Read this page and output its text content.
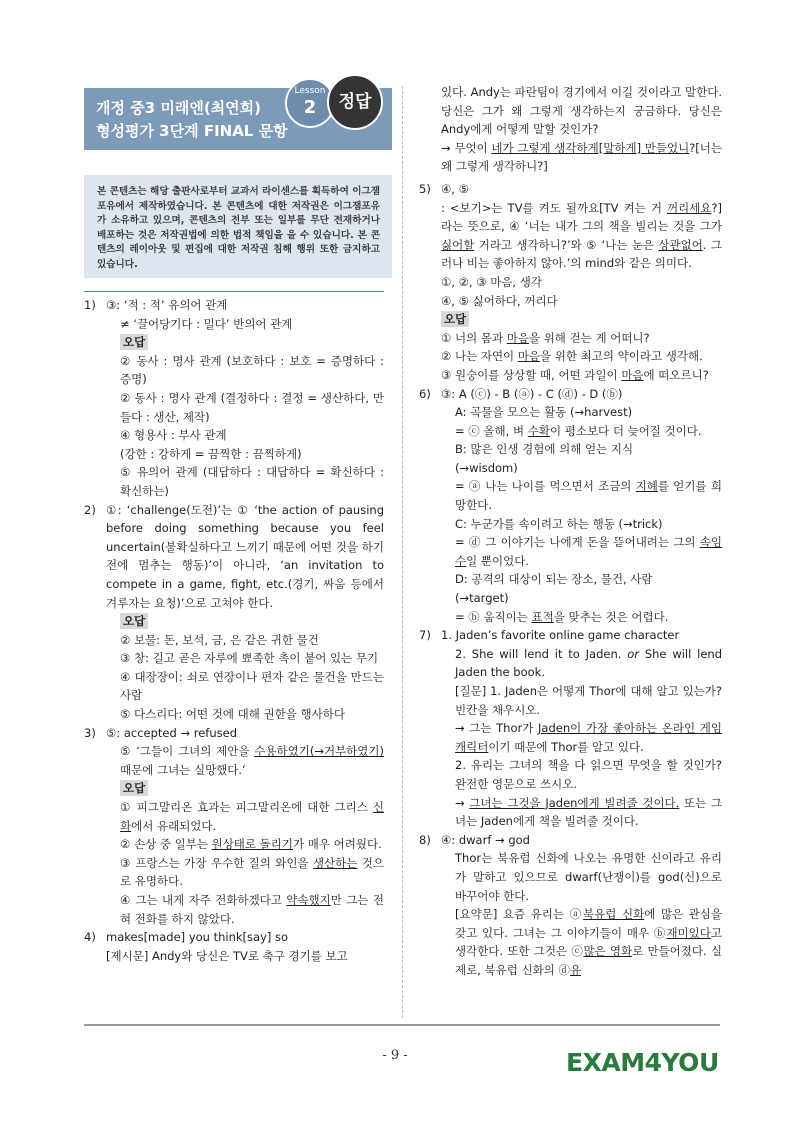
개정 중3 미래엔(최연희)
형성평가 3단계 FINAL 문항
Lesson
2	정답
본 콘텐츠는 해당 출판사로부터 교과서 라이센스를 획득하여 이그잼포유에서 제작하였습니다. 본 콘텐츠에 대한 저작권은 이그잼포유가 소유하고 있으며, 콘텐츠의 전부 또는 일부를 무단 전재하거나 배포하는 것은 저작권법에 의한 법적 책임을 을 수 있습니다. 본 콘텐츠의 레이아웃 및 편집에 대한 저작권 침해 행위 또한 금지하고 있습니다.
1) ③: ‘적 : 적’ 유의어 관계

≠ ‘끌어당기다 : 밀다’ 반의어 관계

오답

② 동사 : 명사 관계 (보호하다 : 보호 = 증명하다 : 증명)

② 동사 : 명사 관계 (결정하다 : 결정 = 생산하다, 만들다 : 생산, 제작)

④ 형용사 : 부사 관계

(강한 : 강하게 = 끔찍한 : 끔찍하게)

⑤ 유의어 관계 (대답하다 : 대답하다 = 확신하다 : 확신하는)

2) ①: ‘challenge(도전)’는 ① ‘the action of pausing before doing something because you feel uncertain(불확실하다고 느끼기 때문에 어떤 것을 하기 전에 멈추는 행동)’이 아니라, ‘an invitation to compete in a game, fight, etc.(경기, 싸움 등에서 겨루자는 요청)’으로 고쳐야 한다.

오답

② 보물: 돈, 보석, 금, 은 같은 귀한 물건

③ 창: 길고 곧은 자루에 뾰족한 촉이 붙어 있는 무기

④ 대장장이: 쇠로 연장이나 편자 같은 물건을 만드는 사람

⑤ 다스리다: 어떤 것에 대해 권한을 행사하다

3) ⑤: accepted → refused

⑤ ‘그들이 그녀의 제안을 수용하였기(→거부하였기) 때문에 그녀는 실망했다.’

오답

① 피그말리온 효과는 피그말리온에 대한 그리스 신화에서 유래되었다.

② 손상 중 일부는 원상태로 돌리기가 매우 어려웠다.

③ 프랑스는 가장 우수한 질의 와인을 생산하는 것으로 유명하다.

④ 그는 내게 자주 전화하겠다고 약속했지만 그는 전혀 전화를 하지 않았다.

4) makes[made] you think[say] so

[제시문] Andy와 당신은 TV로 축구 경기를 보고

있다. Andy는 파란팀이 경기에서 이길 것이라고 말한다. 당신은 그가 왜 그렇게 생각하는지 궁금하다. 당신은 Andy에게 어떻게 말할 것인가?

→ 무엇이 네가 그렇게 생각하게[말하게] 만들었니?[너는 왜 그렇게 생각하니?]

5) ④, ⑤

: <보기>는 TV를 켜도 될까요[TV 켜는 거 꺼리세요?]라는 뜻으로, ④ ‘너는 내가 그의 책을 빌리는 것을 그가 싫어할 거라고 생각하니?’와 ⑤ ‘나는 눈은 상관없어. 그러나 비는 좋아하지 않아.’의 mind와 같은 의미다.

①, ②, ③ 마음, 생각

④, ⑤ 싫어하다, 꺼리다

오답

① 너의 몸과 마음을 위해 걷는 게 어떠니?

② 나는 자연이 마음을 위한 최고의 약이라고 생각해.

③ 원숭이를 상상할 때, 어떤 과일이 마음에 떠오르니?

6) ③: A (ⓒ) - B (ⓐ) - C (ⓓ) - D (ⓑ)

A: 곡물을 모으는 활동 (→harvest)

= ⓒ 올해, 벼 수확이 평소보다 더 늦어질 것이다.

B: 많은 인생 경험에 의해 얻는 지식

(→wisdom)

= ⓐ 나는 나이를 먹으면서 조금의 지혜를 얻기를 희망한다.

C: 누군가를 속이려고 하는 행동 (→trick)

= ⓓ 그 이야기는 나에게 돈을 뜯어내려는 그의 속임수일 뿐이었다.

D: 공격의 대상이 되는 장소, 물건, 사람

(→target)

= ⓑ 움직이는 표적을 맞추는 것은 어렵다.

7) 1. Jaden’s favorite online game character

2. She will lend it to Jaden. or She will lend Jaden the book.

[질문] 1. Jaden은 어떻게 Thor에 대해 알고 있는가? 빈칸을 채우시오.

→ 그는 Thor가 Jaden이 가장 좋아하는 온라인 게임 캐릭터이기 때문에 Thor를 알고 있다.

2. 유리는 그녀의 책을 다 읽으면 무엇을 할 것인가? 완전한 영문으로 쓰시오.

→ 그녀는 그것을 Jaden에게 빌려줄 것이다. 또는 그녀는 Jaden에게 책을 빌려줄 것이다.

8) ④: dwarf → god

Thor는 북유럽 신화에 나오는 유명한 신이라고 유리가 말하고 있으므로 dwarf(난쟁이)를 god(신)으로 바꾸어야 한다.

[요약문] 요즘 유리는 ⓐ북유럽 신화에 많은 관심을 갖고 있다. 그녀는 그 이야기들이 매우 ⓑ재미있다고 생각한다. 또한 그것은 ⓒ많은 영화로 만들어졌다. 실제로, 북유럽 신화의 ⓓ유

- 9 -	EXAM4YOU
